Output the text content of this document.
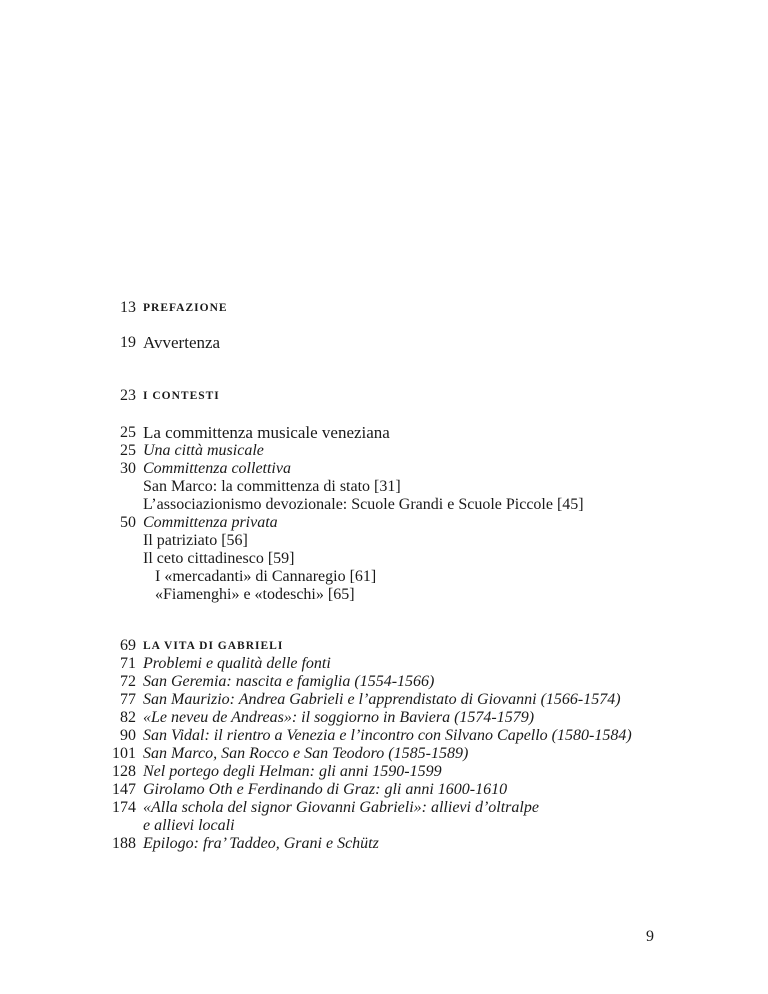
13 PREFAZIONE
19 Avvertenza
23 I CONTESTI
25 La committenza musicale veneziana
25 Una città musicale
30 Committenza collettiva
San Marco: la committenza di stato [31]
L’associazionismo devozionale: Scuole Grandi e Scuole Piccole [45]
50 Committenza privata
Il patriziato [56]
Il ceto cittadinesco [59]
I «mercadanti» di Cannaregio [61]
«Fiamenghi» e «todeschi» [65]
69 LA VITA DI GABRIELI
71 Problemi e qualità delle fonti
72 San Geremia: nascita e famiglia (1554-1566)
77 San Maurizio: Andrea Gabrieli e l’apprendistato di Giovanni (1566-1574)
82 «Le neveu de Andreas»: il soggiorno in Baviera (1574-1579)
90 San Vidal: il rientro a Venezia e l’incontro con Silvano Capello (1580-1584)
101 San Marco, San Rocco e San Teodoro (1585-1589)
128 Nel portego degli Helman: gli anni 1590-1599
147 Girolamo Oth e Ferdinando di Graz: gli anni 1600-1610
174 «Alla schola del signor Giovanni Gabrieli»: allievi d’oltralpe
e allievi locali
188 Epilogo: fra’ Taddeo, Grani e Schütz
9
